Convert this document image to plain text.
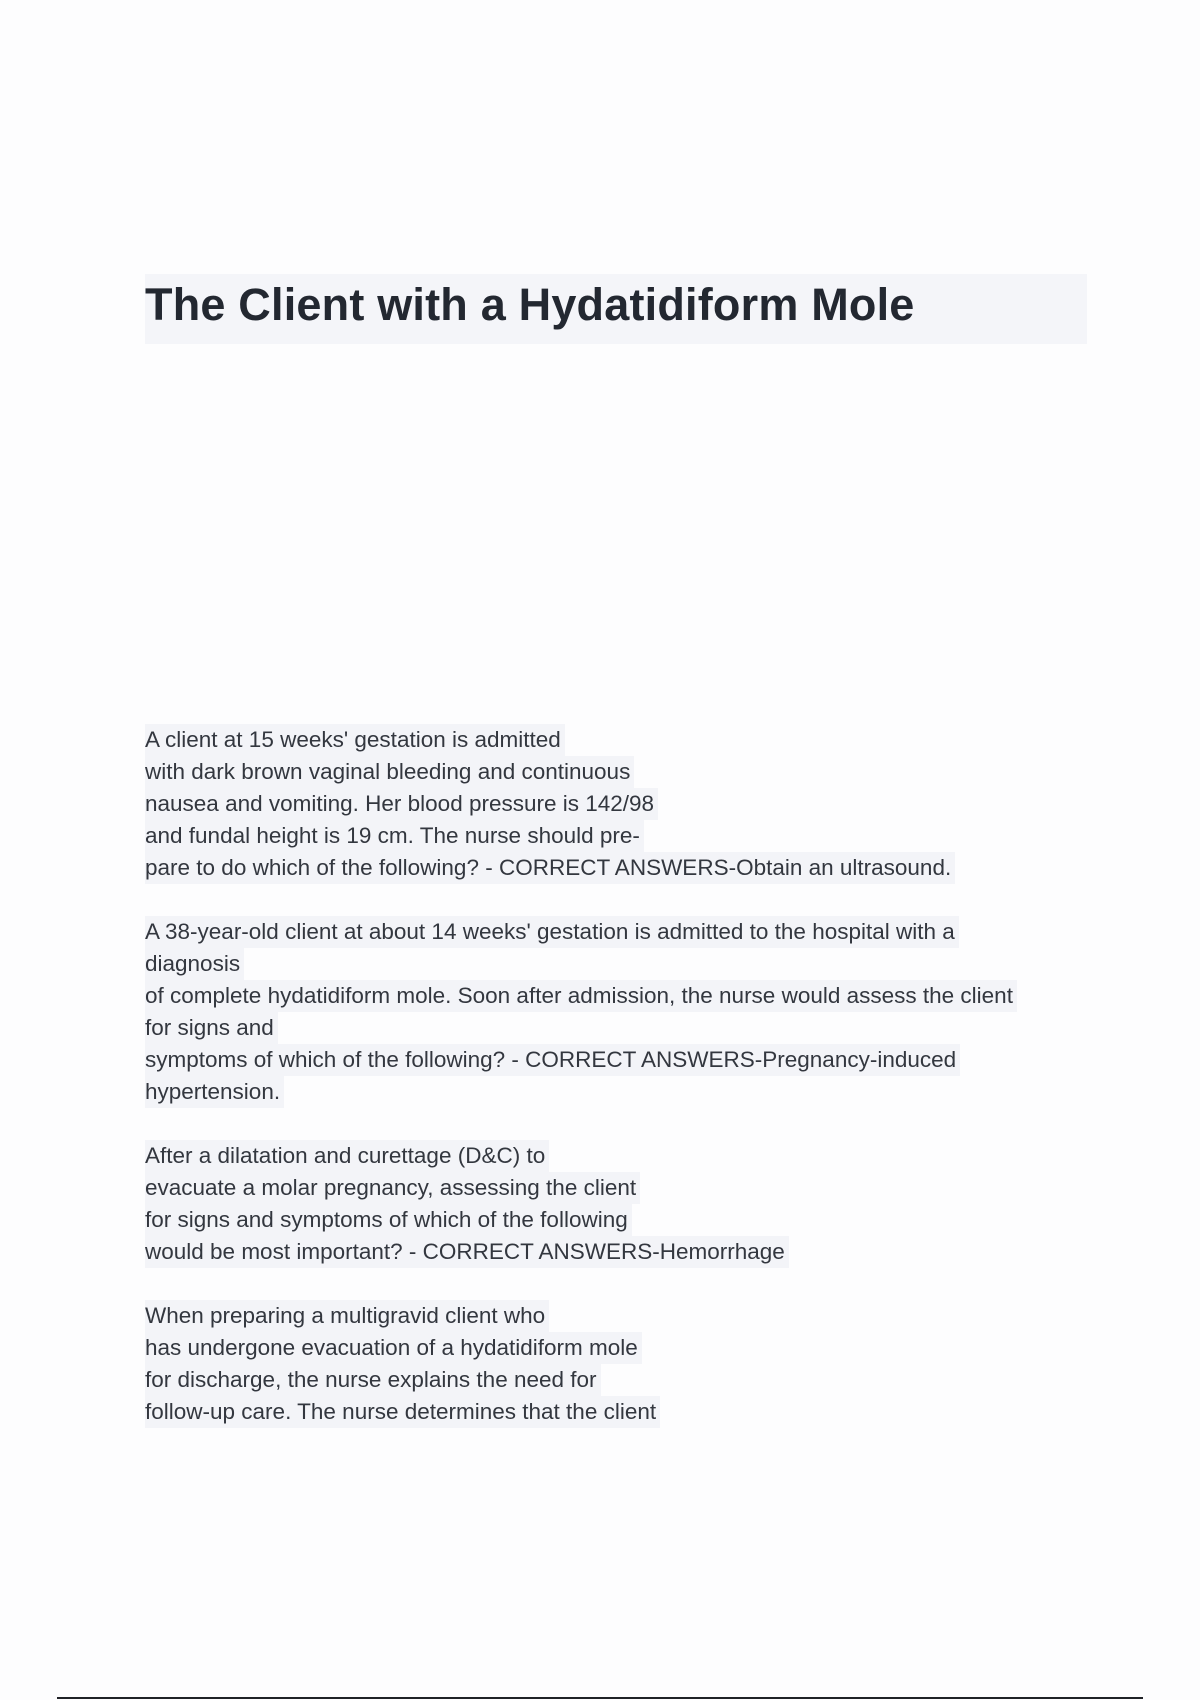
The Client with a Hydatidiform Mole
A client at 15 weeks' gestation is admitted
with dark brown vaginal bleeding and continuous
nausea and vomiting. Her blood pressure is 142/98
and fundal height is 19 cm. The nurse should pre-
pare to do which of the following? - CORRECT ANSWERS-Obtain an ultrasound.
A 38-year-old client at about 14 weeks' gestation is admitted to the hospital with a
diagnosis
of complete hydatidiform mole. Soon after admission, the nurse would assess the client
for signs and
symptoms of which of the following? - CORRECT ANSWERS-Pregnancy-induced
hypertension.
After a dilatation and curettage (D&C) to
evacuate a molar pregnancy, assessing the client
for signs and symptoms of which of the following
would be most important? - CORRECT ANSWERS-Hemorrhage
When preparing a multigravid client who
has undergone evacuation of a hydatidiform mole
for discharge, the nurse explains the need for
follow-up care. The nurse determines that the client
